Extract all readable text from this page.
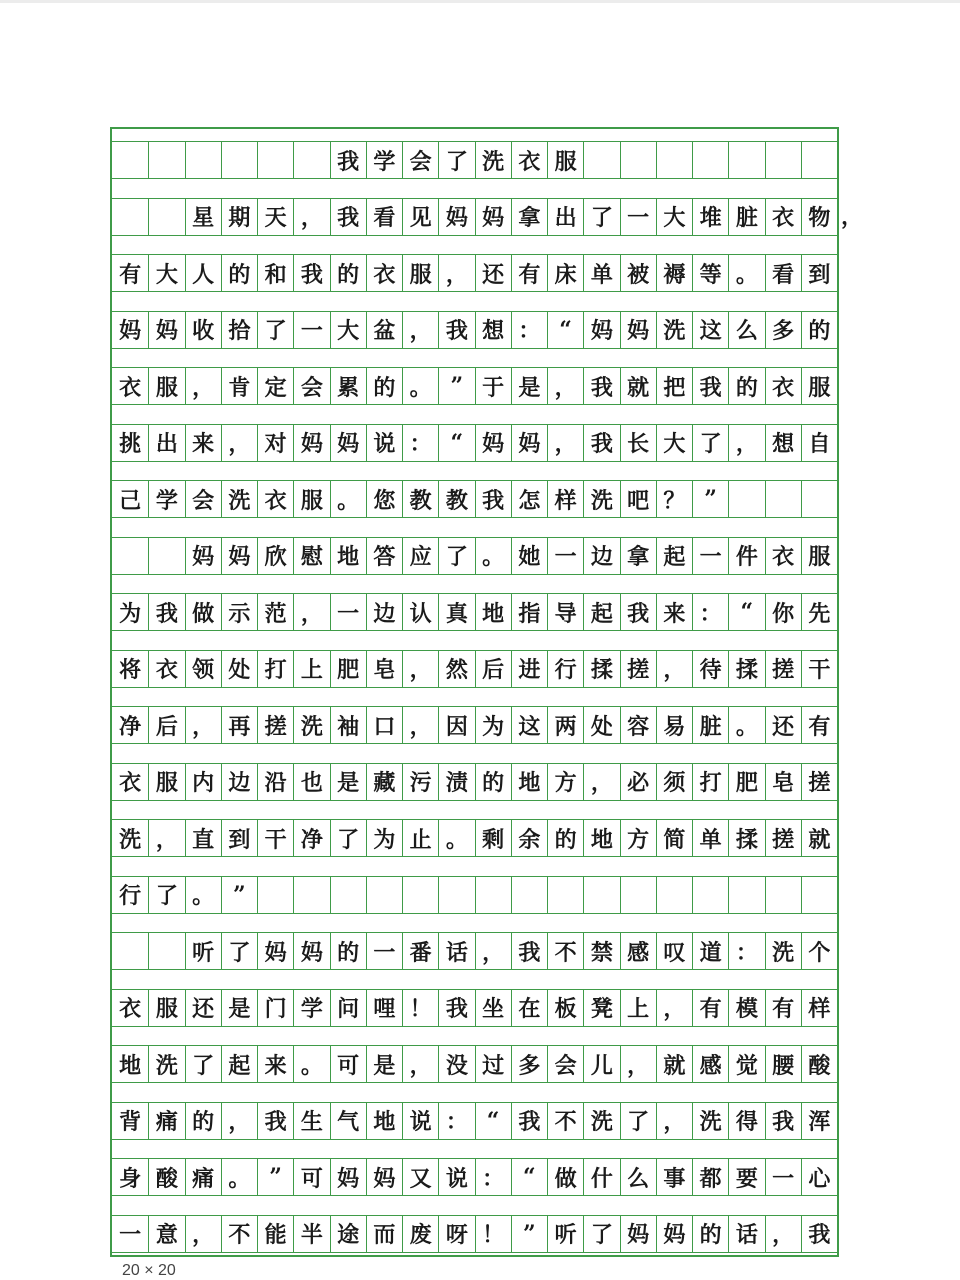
我 学 会 了 洗 衣 服
星 期 天 ， 我 看 见 妈 妈 拿 出 了 一 大 堆 脏 衣 物
有 大 人 的 和 我 的 衣 服 ， 还 有 床 单 被 褥 等 。 看 到
妈 妈 收 拾 了 一 大 盆 ， 我 想 ： “ 妈 妈 洗 这 么 多 的
衣 服 ， 肯 定 会 累 的 。 ” 于 是 ， 我 就 把 我 的 衣 服
挑 出 来 ， 对 妈 妈 说 ： “ 妈 妈 ， 我 长 大 了 ， 想 自
己 学 会 洗 衣 服 。 您 教 教 我 怎 样 洗 吧 ？ ”
妈 妈 欣 慰 地 答 应 了 。 她 一 边 拿 起 一 件 衣 服
为 我 做 示 范 ， 一 边 认 真 地 指 导 起 我 来 ： “ 你 先
将 衣 领 处 打 上 肥 皂 ， 然 后 进 行 揉 搓 ， 待 揉 搓 干
净 后 ， 再 搓 洗 袖 口 ， 因 为 这 两 处 容 易 脏 。 还 有
衣 服 内 边 沿 也 是 藏 污 渍 的 地 方 ， 必 须 打 肥 皂 搓
洗 ， 直 到 干 净 了 为 止 。 剩 余 的 地 方 简 单 揉 搓 就
行 了 。 ”
听 了 妈 妈 的 一 番 话 ， 我 不 禁 感 叹 道 ： 洗 个
衣 服 还 是 门 学 问 哩 ！ 我 坐 在 板 凳 上 ， 有 模 有 样
地 洗 了 起 来 。 可 是 ， 没 过 多 会 儿 ， 就 感 觉 腰 酸
背 痛 的 ， 我 生 气 地 说 ： “ 我 不 洗 了 ， 洗 得 我 浑
身 酸 痛 。 ” 可 妈 妈 又 说 ： “ 做 什 么 事 都 要 一 心
一 意 ， 不 能 半 途 而 废 呀 ！ ” 听 了 妈 妈 的 话 ， 我
20 × 20
，
